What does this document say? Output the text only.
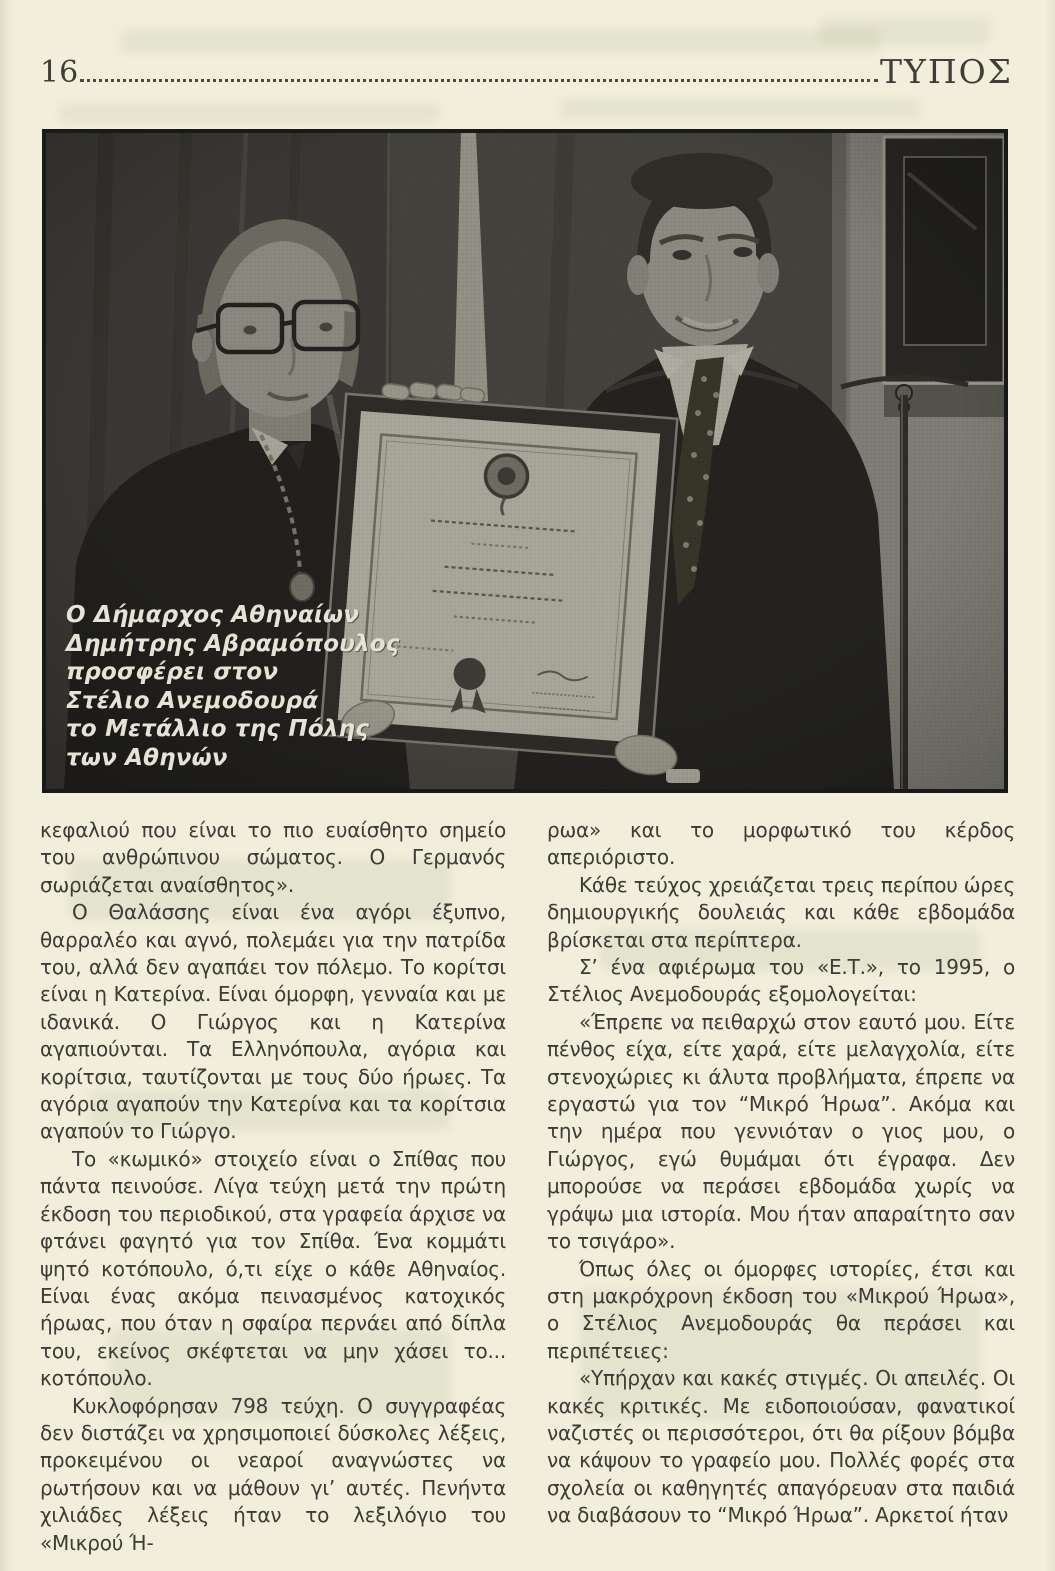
16	ΤΥΠΟΣ
Ο Δήμαρχος Αθηναίων
Δημήτρης Αβραμόπουλος
προσφέρει στον
Στέλιο Ανεμοδουρά
το Μετάλλιο της Πόλης
των Αθηνών

κεφαλιού που είναι το πιο ευαίσθητο σημείο του ανθρώπινου σώματος. Ο Γερμανός σωριάζεται αναίσθητος».

Ο Θαλάσσης είναι ένα αγόρι έξυπνο, θαρραλέο και αγνό, πολεμάει για την πατρίδα του, αλλά δεν αγαπάει τον πόλεμο. Το κορίτσι είναι η Κατερίνα. Είναι όμορφη, γενναία και με ιδανικά. Ο Γιώργος και η Κατερίνα αγαπιούνται. Τα Ελληνόπουλα, αγόρια και κορίτσια, ταυτίζονται με τους δύο ήρωες. Τα αγόρια αγαπούν την Κατερίνα και τα κορίτσια αγαπούν το Γιώργο.

Το «κωμικό» στοιχείο είναι ο Σπίθας που πάντα πεινούσε. Λίγα τεύχη μετά την πρώτη έκδοση του περιοδικού, στα γραφεία άρχισε να φτάνει φαγητό για τον Σπίθα. Ένα κομμάτι ψητό κοτόπουλο, ό,τι είχε ο κάθε Αθηναίος. Είναι ένας ακόμα πεινασμένος κατοχικός ήρωας, που όταν η σφαίρα περνάει από δίπλα του, εκείνος σκέφτεται να μην χάσει το... κοτόπουλο.

Κυκλοφόρησαν 798 τεύχη. Ο συγγραφέας δεν διστάζει να χρησιμοποιεί δύσκολες λέξεις, προκειμένου οι νεαροί αναγνώστες να ρωτήσουν και να μάθουν γι’ αυτές. Πενήντα χιλιάδες λέξεις ήταν το λεξιλόγιο του «Μικρού Ή-

ρωα» και το μορφωτικό του κέρδος απεριόριστο.

Κάθε τεύχος χρειάζεται τρεις περίπου ώρες δημιουργικής δουλειάς και κάθε εβδομάδα βρίσκεται στα περίπτερα.

Σ’ ένα αφιέρωμα του «Ε.Τ.», το 1995, ο Στέλιος Ανεμοδουράς εξομολογείται:

«Έπρεπε να πειθαρχώ στον εαυτό μου. Είτε πένθος είχα, είτε χαρά, είτε μελαγχολία, είτε στενοχώριες κι άλυτα προβλήματα, έπρεπε να εργαστώ για τον “Μικρό Ήρωα”. Ακόμα και την ημέρα που γεννιόταν ο γιος μου, ο Γιώργος, εγώ θυμάμαι ότι έγραφα. Δεν μπορούσε να περάσει εβδομάδα χωρίς να γράψω μια ιστορία. Μου ήταν απαραίτητο σαν το τσιγάρο».

Όπως όλες οι όμορφες ιστορίες, έτσι και στη μακρόχρονη έκδοση του «Μικρού Ήρωα», ο Στέλιος Ανεμοδουράς θα περάσει και περιπέτειες:

«Υπήρχαν και κακές στιγμές. Οι απειλές. Οι κακές κριτικές. Με ειδοποιούσαν, φανατικοί ναζιστές οι περισσότεροι, ότι θα ρίξουν βόμβα να κάψουν το γραφείο μου. Πολλές φορές στα σχολεία οι καθηγητές απαγόρευαν στα παιδιά να διαβάσουν το “Μικρό Ήρωα”. Αρκετοί ήταν
